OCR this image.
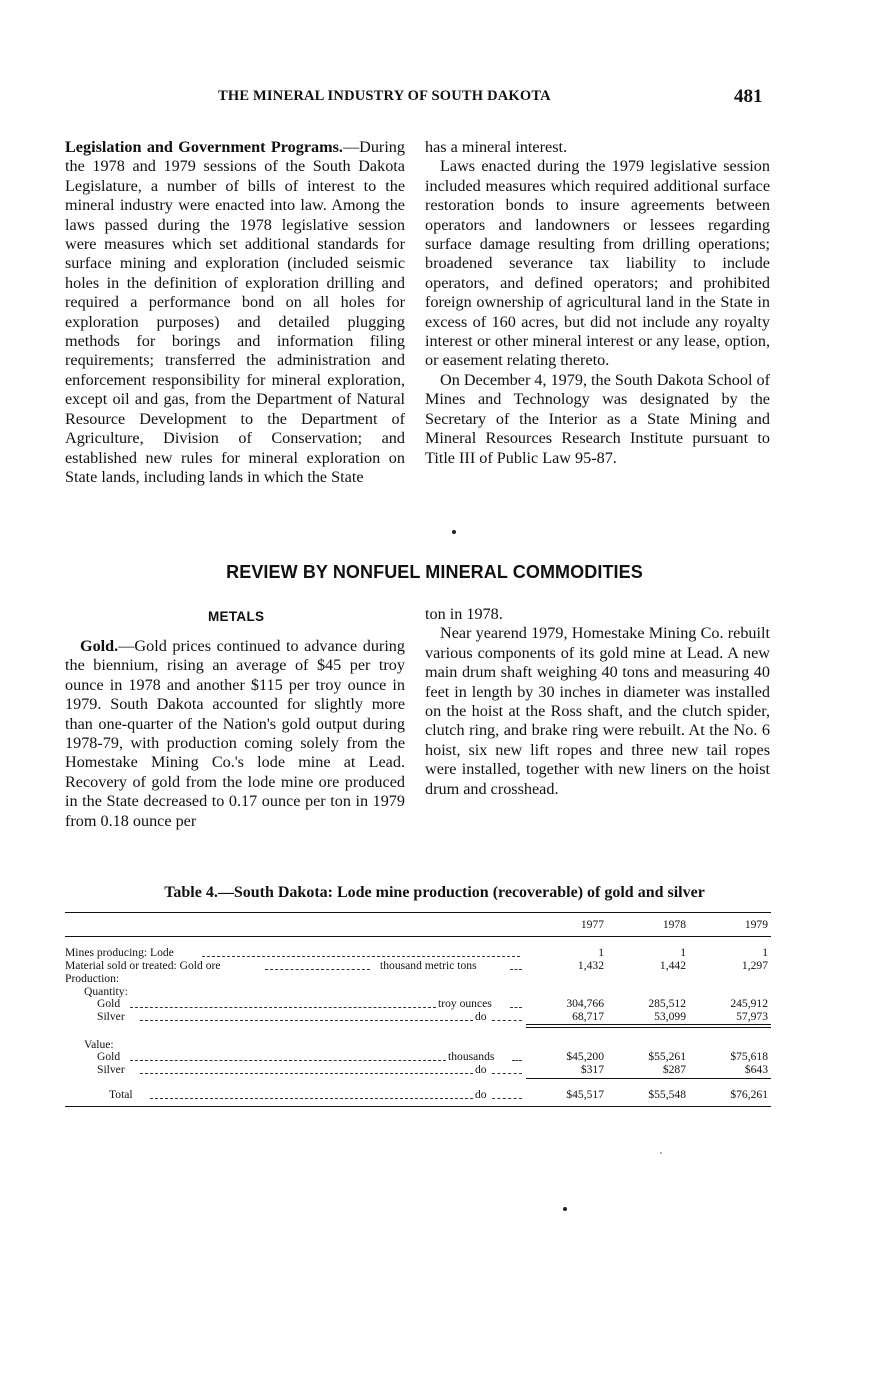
THE MINERAL INDUSTRY OF SOUTH DAKOTA	481

Legislation and Government Programs.—During the 1978 and 1979 sessions of the South Dakota Legislature, a number of bills of interest to the mineral industry were enacted into law. Among the laws passed during the 1978 legislative session were measures which set additional standards for surface mining and exploration (included seismic holes in the definition of exploration drilling and required a performance bond on all holes for exploration purposes) and detailed plugging methods for borings and information filing requirements; transferred the administration and enforcement responsibility for mineral exploration, except oil and gas, from the Department of Natural Resource Development to the Department of Agriculture, Division of Conservation; and established new rules for mineral exploration on State lands, including lands in which the State

has a mineral interest.

Laws enacted during the 1979 legislative session included measures which required additional surface restoration bonds to insure agreements between operators and landowners or lessees regarding surface damage resulting from drilling operations; broadened severance tax liability to include operators, and defined operators; and prohibited foreign ownership of agricultural land in the State in excess of 160 acres, but did not include any royalty interest or other mineral interest or any lease, option, or easement relating thereto.

On December 4, 1979, the South Dakota School of Mines and Technology was designated by the Secretary of the Interior as a State Mining and Mineral Resources Research Institute pursuant to Title III of Public Law 95-87.

REVIEW BY NONFUEL MINERAL COMMODITIES
METALS

Gold.—Gold prices continued to advance during the biennium, rising an average of $45 per troy ounce in 1978 and another $115 per troy ounce in 1979. South Dakota accounted for slightly more than one-quarter of the Nation's gold output during 1978-79, with production coming solely from the Homestake Mining Co.'s lode mine at Lead. Recovery of gold from the lode mine ore produced in the State decreased to 0.17 ounce per ton in 1979 from 0.18 ounce per

ton in 1978.

Near yearend 1979, Homestake Mining Co. rebuilt various components of its gold mine at Lead. A new main drum shaft weighing 40 tons and measuring 40 feet in length by 30 inches in diameter was installed on the hoist at the Ross shaft, and the clutch spider, clutch ring, and brake ring were rebuilt. At the No. 6 hoist, six new lift ropes and three new tail ropes were installed, together with new liners on the hoist drum and crosshead.

Table 4.—South Dakota: Lode mine production (recoverable) of gold and silver
1977	1978	1979
Mines producing: Lode	1	1	1
Material sold or treated: Gold ore	thousand metric tons	1,432	1,442	1,297
Production:
Quantity:
Gold	troy ounces	304,766	285,512	245,912
Silver	do	68,717	53,099	57,973
Value:
Gold	thousands	$45,200	$55,261	$75,618
Silver	do	$317	$287	$643
Total	do	$45,517	$55,548	$76,261
